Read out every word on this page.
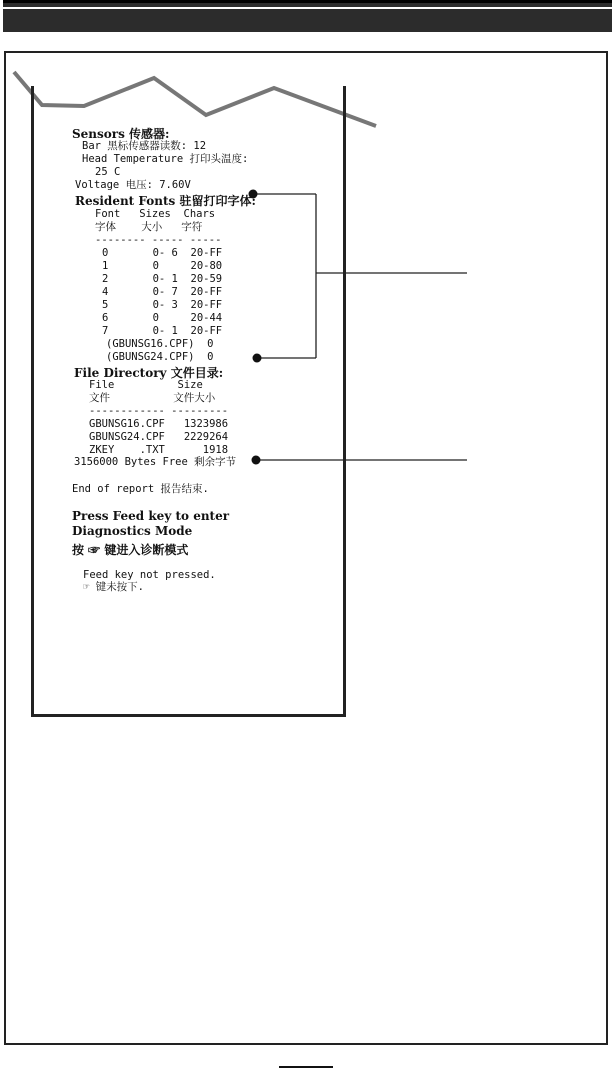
Sensors 传感器:
Bar 黑标传感器读数: 12
Head Temperature 打印头温度:
25 C
Voltage 电压: 7.60V
Resident Fonts 驻留打印字体:
Font   Sizes  Chars
字体    大小   字符
-------- ----- -----
0       0- 6  20-FF
1       0     20-80
2       0- 1  20-59
4       0- 7  20-FF
5       0- 3  20-FF
6       0     20-44
7       0- 1  20-FF
(GBUNSG16.CPF)  0
(GBUNSG24.CPF)  0
File Directory 文件目录:
File          Size
文件          文件大小
------------ ---------
GBUNSG16.CPF   1323986
GBUNSG24.CPF   2229264
ZKEY    .TXT      1918
3156000 Bytes Free 剩余字节
End of report 报告结束.
Press Feed key to enter
Diagnostics Mode
按 ☞ 键进入诊断模式
Feed key not pressed.
☞ 键未按下.
